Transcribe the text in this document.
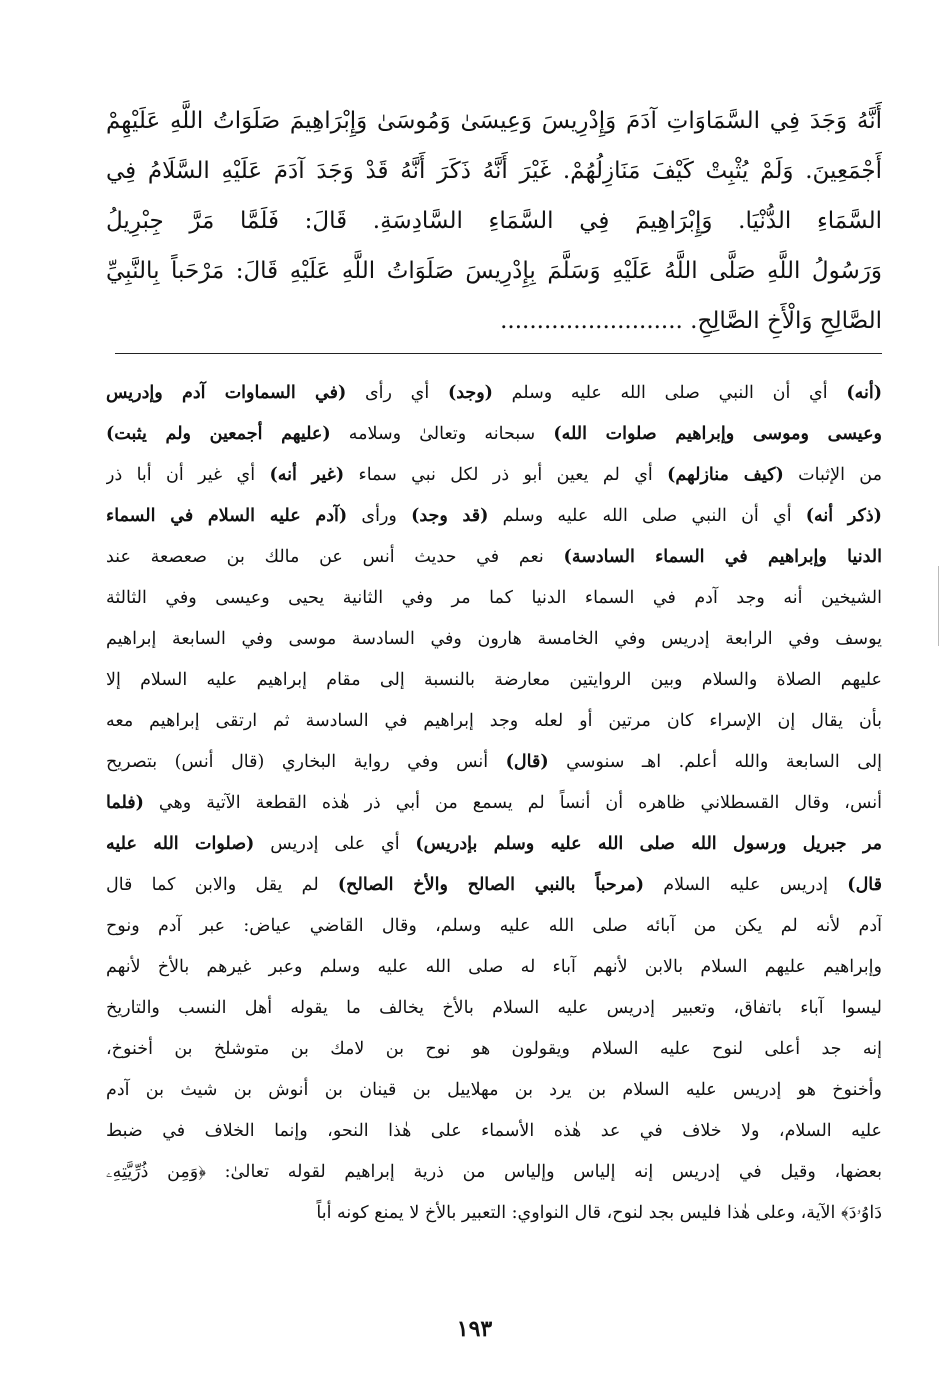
أَنَّهُ وَجَدَ فِي السَّمَاوَاتِ آدَمَ وَإِدْرِيسَ وَعِيسَىٰ وَمُوسَىٰ وَإِبْرَاهِيمَ صَلَوَاتُ اللَّهِ عَلَيْهِمْ
أَجْمَعِينَ. وَلَمْ يُثْبِتْ كَيْفَ مَنَازِلُهُمْ. غَيْرَ أَنَّهُ ذَكَرَ أَنَّهُ قَدْ وَجَدَ آدَمَ عَلَيْهِ السَّلَامُ فِي
السَّمَاءِ الدُّنْيَا. وَإِبْرَاهِيمَ فِي السَّمَاءِ السَّادِسَةِ. قَالَ: فَلَمَّا مَرَّ جِبْرِيلُ
وَرَسُولُ اللَّهِ صَلَّى اللَّهُ عَلَيْهِ وَسَلَّمَ بِإِدْرِيسَ صَلَوَاتُ اللَّهِ عَلَيْهِ قَالَ: مَرْحَباً بِالنَّبِيِّ
الصَّالِحِ وَالْأَخِ الصَّالِحِ. .........................
(أنه) أي أن النبي صلى الله عليه وسلم (وجد) أي رأى (في السماوات آدم وإدريس
وعيسى وموسى وإبراهيم صلوات الله) سبحانه وتعالىٰ وسلامه (عليهم أجمعين ولم يثبت)
من الإثبات (كيف منازلهم) أي لم يعين أبو ذر لكل نبي سماء (غير أنه) أي غير أن أبا ذر
(ذكر أنه) أي أن النبي صلى الله عليه وسلم (قد وجد) ورأى (آدم عليه السلام في السماء
الدنيا وإبراهيم في السماء السادسة) نعم في حديث أنس عن مالك بن صعصعة عند
الشيخين أنه وجد آدم في السماء الدنيا كما مر وفي الثانية يحيى وعيسى وفي الثالثة
يوسف وفي الرابعة إدريس وفي الخامسة هارون وفي السادسة موسى وفي السابعة إبراهيم
عليهم الصلاة والسلام وبين الروايتين معارضة بالنسبة إلى مقام إبراهيم عليه السلام إلا
بأن يقال إن الإسراء كان مرتين أو لعله وجد إبراهيم في السادسة ثم ارتقى إبراهيم معه
إلى السابعة والله أعلم. اهـ سنوسي (قال) أنس وفي رواية البخاري (قال أنس) بتصريح
أنس، وقال القسطلاني ظاهره أن أنساً لم يسمع من أبي ذر هٰذه القطعة الآتية وهي (فلما
مر جبريل ورسول الله صلى الله عليه وسلم بإدريس) أي على إدريس (صلوات الله عليه
قال) إدريس عليه السلام (مرحباً بالنبي الصالح والأخ الصالح) لم يقل والابن كما قال
آدم لأنه لم يكن من آبائه صلى الله عليه وسلم، وقال القاضي عياض: عبر آدم ونوح
وإبراهيم عليهم السلام بالابن لأنهم آباء له صلى الله عليه وسلم وعبر غيرهم بالأخ لأنهم
ليسوا آباء باتفاق، وتعبير إدريس عليه السلام بالأخ يخالف ما يقوله أهل النسب والتاريخ
إنه جد أعلى لنوح عليه السلام ويقولون هو نوح بن لامك بن متوشلخ بن أخنوخ،
وأخنوخ هو إدريس عليه السلام بن يرد بن مهلاييل بن قينان بن أنوش بن شيث بن آدم
عليه السلام، ولا خلاف في عد هٰذه الأسماء على هٰذا النحو، وإنما الخلاف في ضبط
بعضها، وقيل في إدريس إنه إلياس وإلياس من ذرية إبراهيم لقوله تعالىٰ: ﴿وَمِن ذُرِّيَّتِهِۦ
دَاوُۥدَ﴾ الآية، وعلى هٰذا فليس بجد لنوح، قال النواوي: التعبير بالأخ لا يمنع كونه أباً
١٩٣
